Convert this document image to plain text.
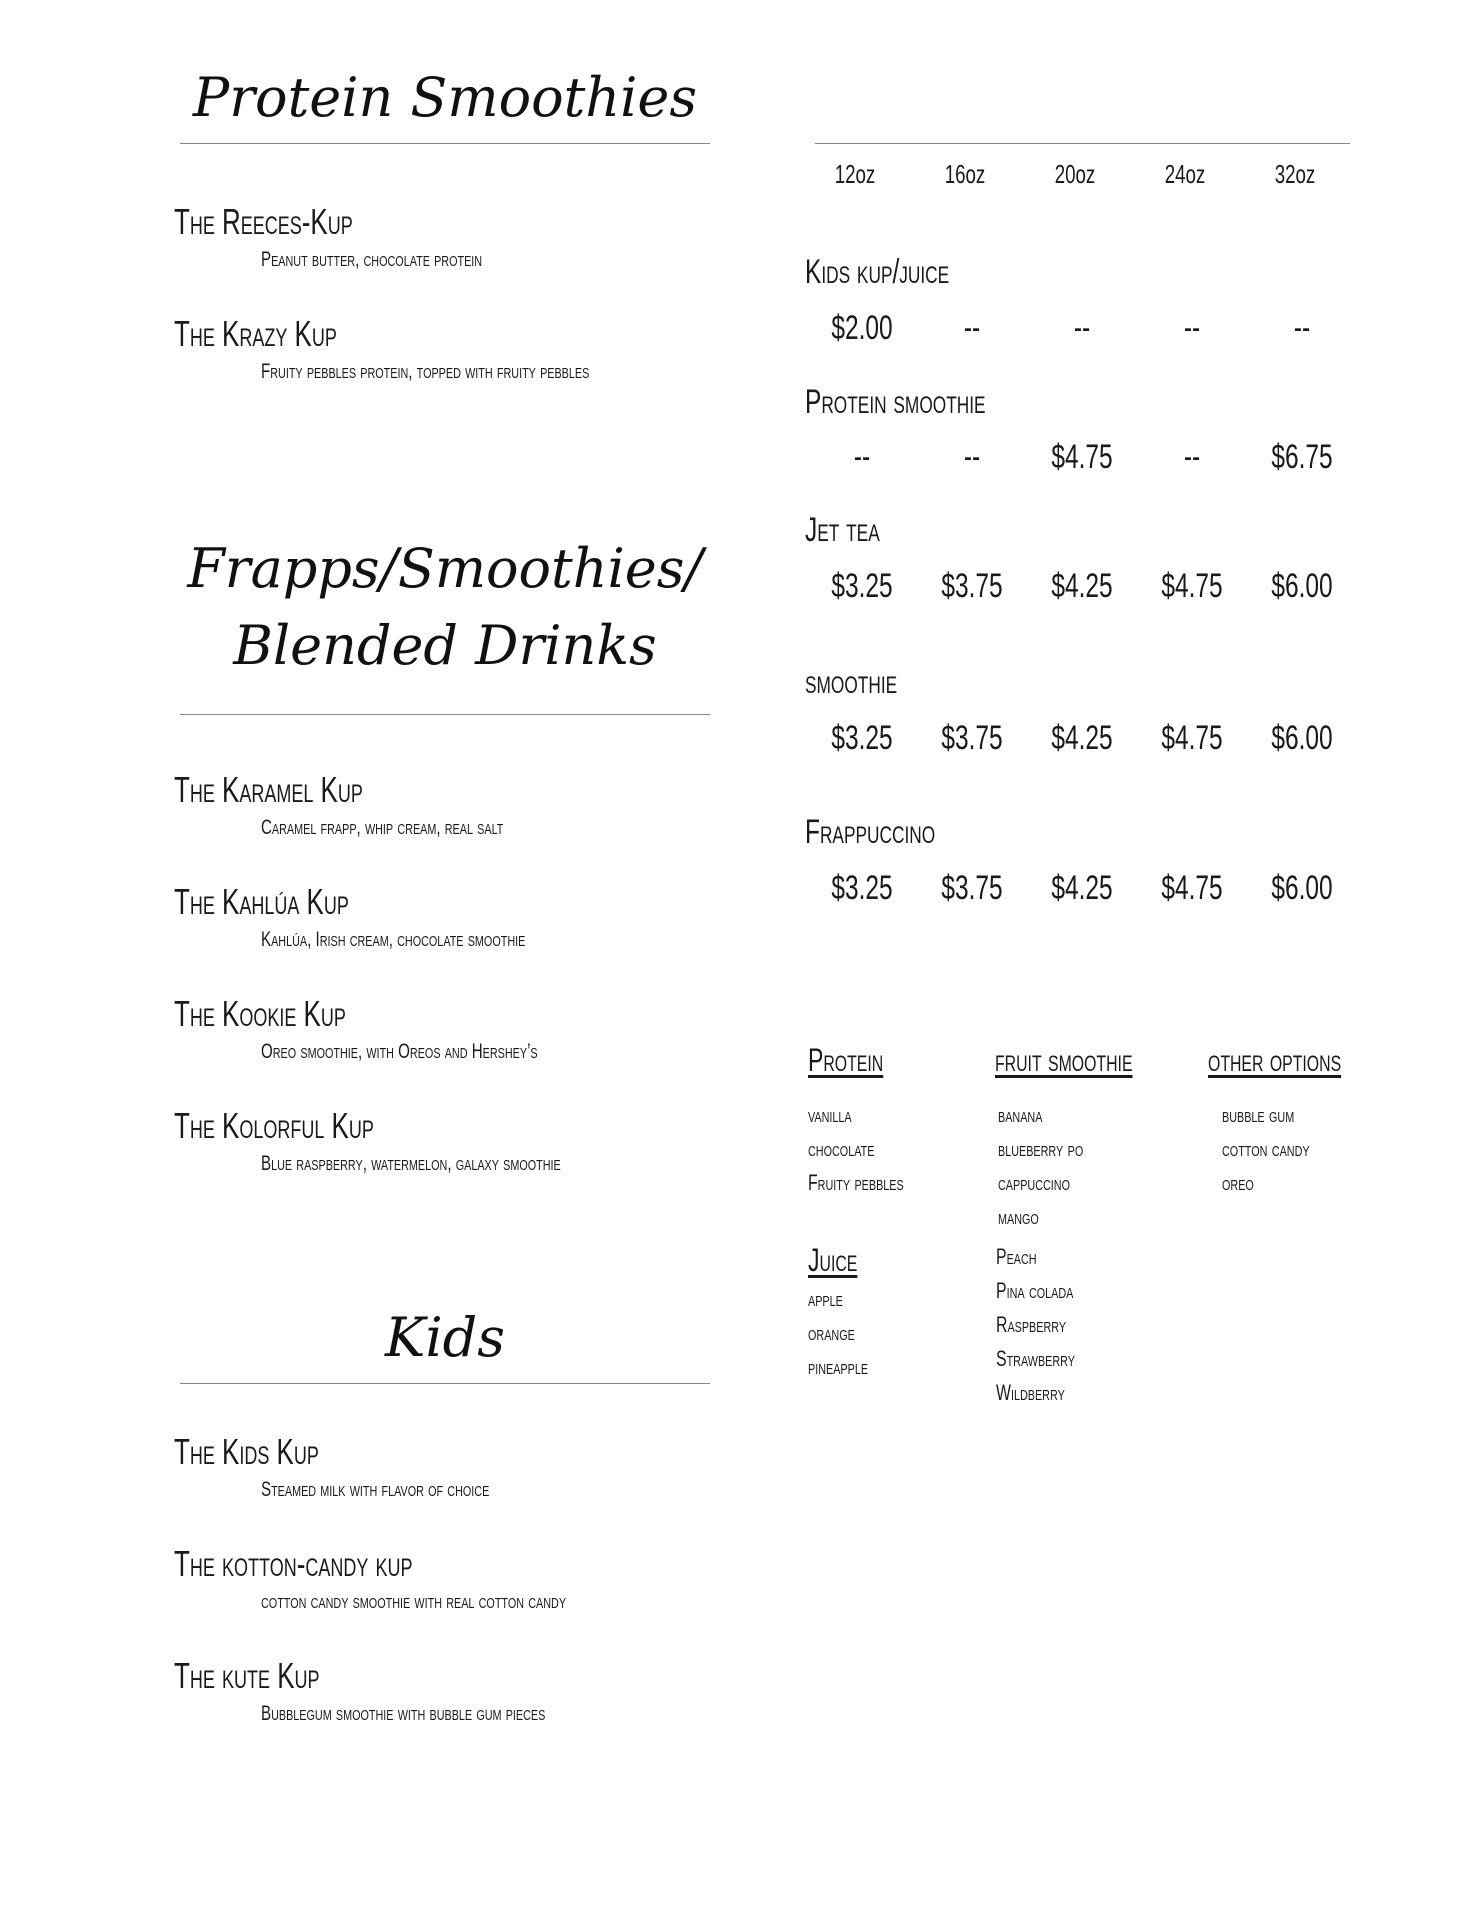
Protein Smoothies
The Reeces-Kup
Peanut butter, chocolate protein
The Krazy Kup
Fruity pebbles protein, topped with fruity pebbles
Frapps/Smoothies/
Blended Drinks
The Karamel Kup
Caramel frapp, whip cream, real salt
The Kahlúa Kup
Kahlúa, Irish cream, chocolate smoothie
The Kookie Kup
Oreo smoothie, with Oreos and Hershey’s
The Kolorful Kup
Blue raspberry, watermelon, galaxy smoothie
Kids
The Kids Kup
Steamed milk with flavor of choice
The kotton-candy kup
cotton candy smoothie with real cotton candy
The kute Kup
Bubblegum smoothie with bubble gum pieces
12oz	16oz	20oz	24oz	32oz
Kids kup/juice
$2.00	--	--	--	--
Protein smoothie
--	--	$4.75	--	$6.75
Jet tea
$3.25 $3.75 $4.25 $4.75 $6.00
smoothie
$3.25 $3.75 $4.25 $4.75 $6.00
Frappuccino
$3.25 $3.75 $4.25 $4.75 $6.00
Protein
vanilla
chocolate
Fruity pebbles
fruit smoothie
banana
blueberry po
cappuccino
mango
Peach
Pina colada
Raspberry
Strawberry
Wildberry
other options
bubble gum
cotton candy
oreo
Juice
apple
orange
pineapple
